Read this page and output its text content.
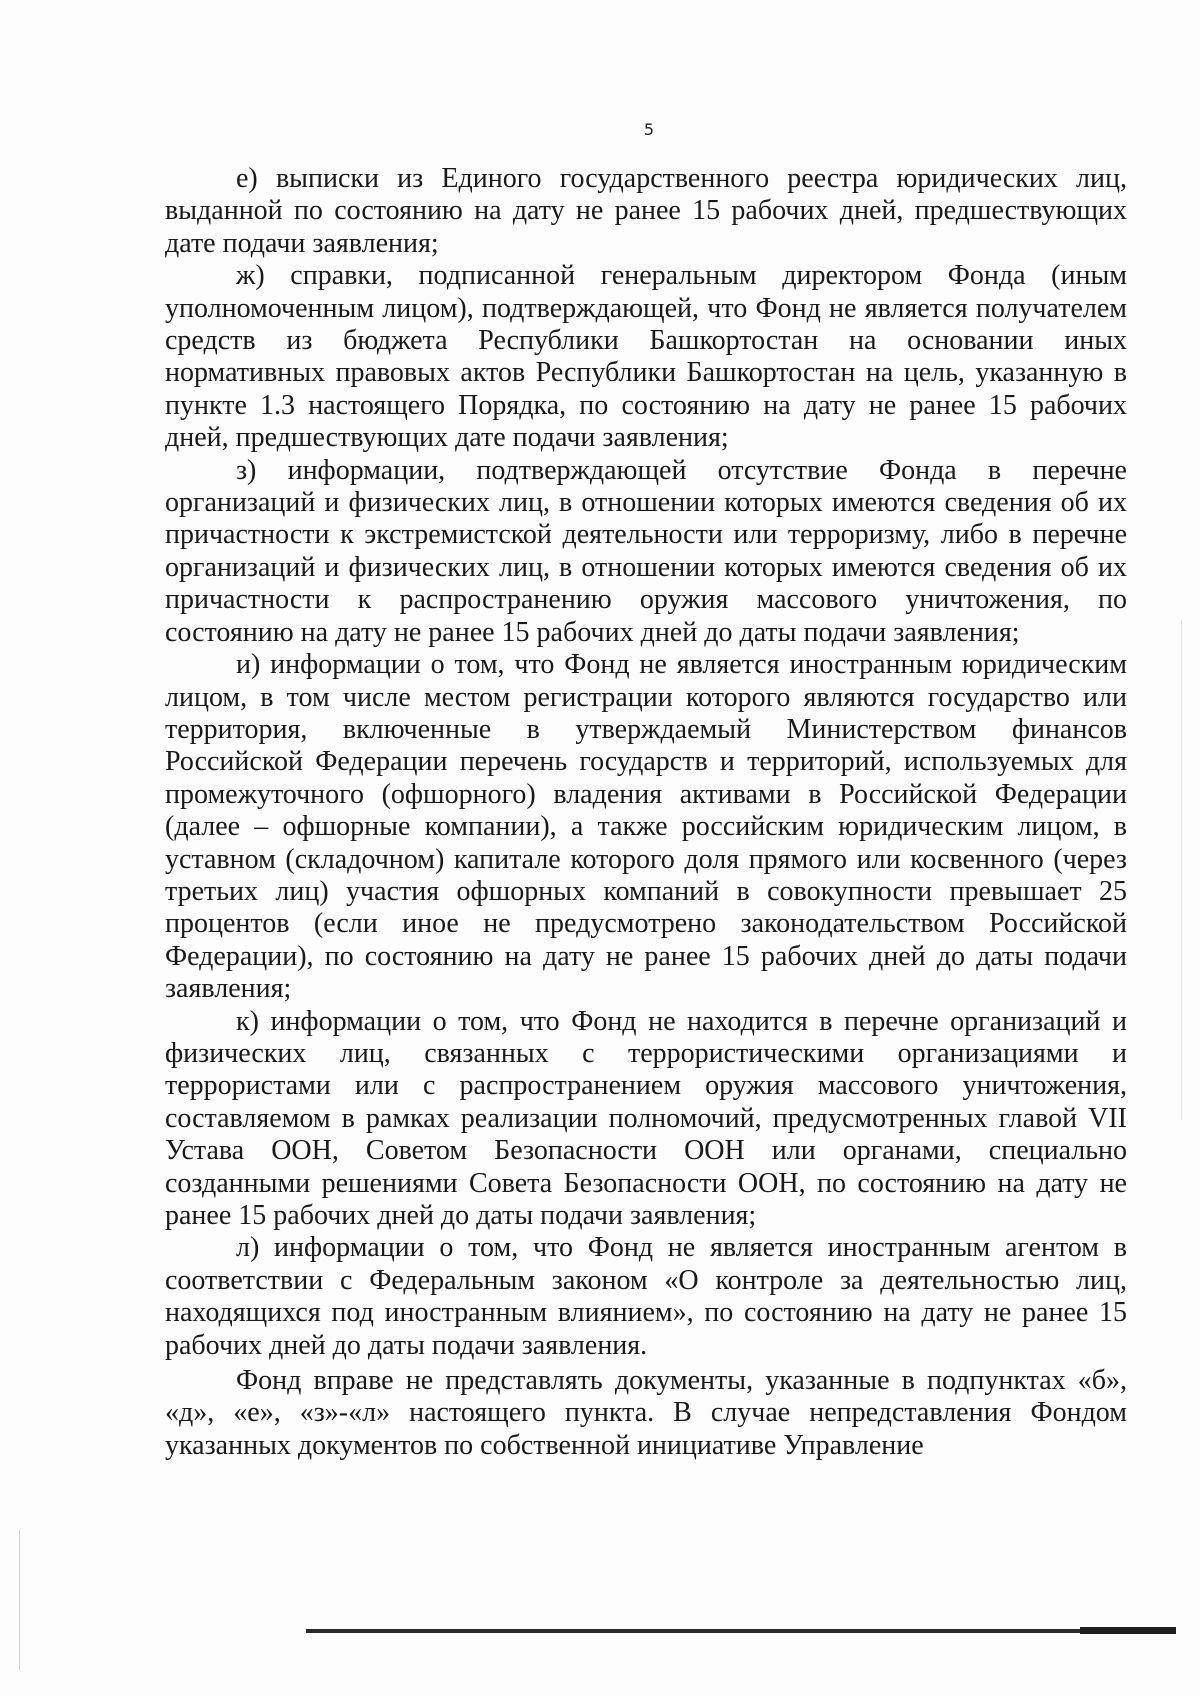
5

е) выписки из Единого государственного реестра юридических лиц, выданной по состоянию на дату не ранее 15 рабочих дней, предшествующих дате подачи заявления;

ж) справки, подписанной генеральным директором Фонда (иным уполномоченным лицом), подтверждающей, что Фонд не является получателем средств из бюджета Республики Башкортостан на основании иных нормативных правовых актов Республики Башкортостан на цель, указанную в пункте 1.3 настоящего Порядка, по состоянию на дату не ранее 15 рабочих дней, предшествующих дате подачи заявления;

з) информации, подтверждающей отсутствие Фонда в перечне организаций и физических лиц, в отношении которых имеются сведения об их причастности к экстремистской деятельности или терроризму, либо в перечне организаций и физических лиц, в отношении которых имеются сведения об их причастности к распространению оружия массового уничтожения, по состоянию на дату не ранее 15 рабочих дней до даты подачи заявления;

и) информации о том, что Фонд не является иностранным юридическим лицом, в том числе местом регистрации которого являются государство или территория, включенные в утверждаемый Министерством финансов Российской Федерации перечень государств и территорий, используемых для промежуточного (офшорного) владения активами в Российской Федерации (далее – офшорные компании), а также российским юридическим лицом, в уставном (складочном) капитале которого доля прямого или косвенного (через третьих лиц) участия офшорных компаний в совокупности превышает 25 процентов (если иное не предусмотрено законодательством Российской Федерации), по состоянию на дату не ранее 15 рабочих дней до даты подачи заявления;

к) информации о том, что Фонд не находится в перечне организаций и физических лиц, связанных с террористическими организациями и террористами или с распространением оружия массового уничтожения, составляемом в рамках реализации полномочий, предусмотренных главой VII Устава ООН, Советом Безопасности ООН или органами, специально созданными решениями Совета Безопасности ООН, по состоянию на дату не ранее 15 рабочих дней до даты подачи заявления;

л) информации о том, что Фонд не является иностранным агентом в соответствии с Федеральным законом «О контроле за деятельностью лиц, находящихся под иностранным влиянием», по состоянию на дату не ранее 15 рабочих дней до даты подачи заявления.

Фонд вправе не представлять документы, указанные в подпунктах «б», «д», «е», «з»-«л» настоящего пункта. В случае непредставления Фондом указанных документов по собственной инициативе Управление
